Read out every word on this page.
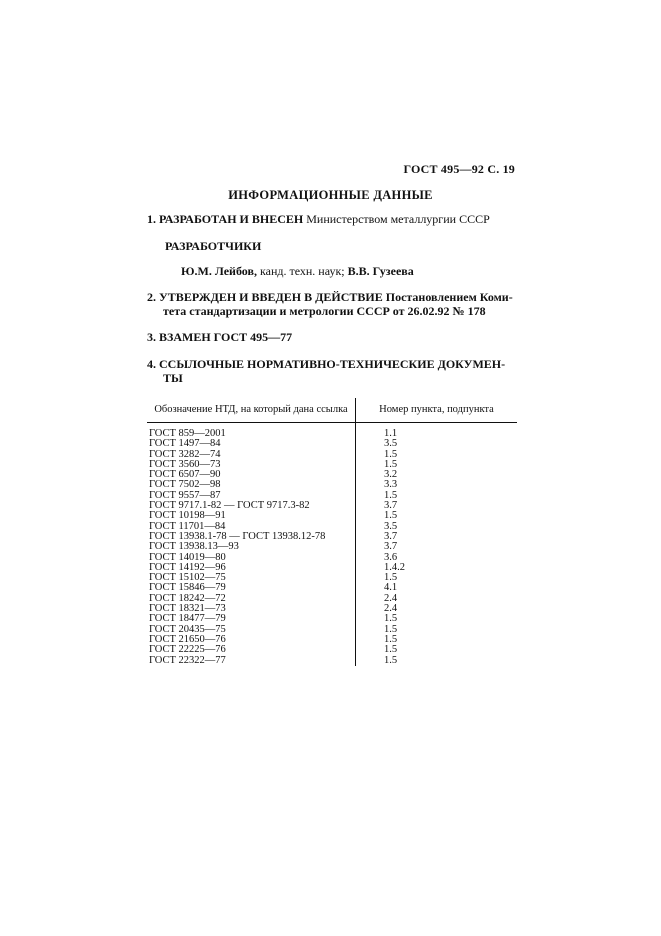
ГОСТ 495—92 С. 19
ИНФОРМАЦИОННЫЕ ДАННЫЕ
1. РАЗРАБОТАН И ВНЕСЕН Министерством металлургии СССР
РАЗРАБОТЧИКИ
Ю.М. Лейбов, канд. техн. наук; В.В. Гузеева
2. УТВЕРЖДЕН И ВВЕДЕН В ДЕЙСТВИЕ Постановлением Коми-
тета стандартизации и метрологии СССР от 26.02.92 № 178
3. ВЗАМЕН ГОСТ 495—77
4. ССЫЛОЧНЫЕ НОРМАТИВНО-ТЕХНИЧЕСКИЕ ДОКУМЕН-
ТЫ
Обозначение НТД, на который дана ссылка	Номер пункта, подпункта

ГОСТ 859—2001	1.1
ГОСТ 1497—84	3.5
ГОСТ 3282—74	1.5
ГОСТ 3560—73	1.5
ГОСТ 6507—90	3.2
ГОСТ 7502—98	3.3
ГОСТ 9557—87	1.5
ГОСТ 9717.1-82 — ГОСТ 9717.3-82	3.7
ГОСТ 10198—91	1.5
ГОСТ 11701—84	3.5
ГОСТ 13938.1-78 — ГОСТ 13938.12-78	3.7
ГОСТ 13938.13—93	3.7
ГОСТ 14019—80	3.6
ГОСТ 14192—96	1.4.2
ГОСТ 15102—75	1.5
ГОСТ 15846—79	4.1
ГОСТ 18242—72	2.4
ГОСТ 18321—73	2.4
ГОСТ 18477—79	1.5
ГОСТ 20435—75	1.5
ГОСТ 21650—76	1.5
ГОСТ 22225—76	1.5
ГОСТ 22322—77	1.5
